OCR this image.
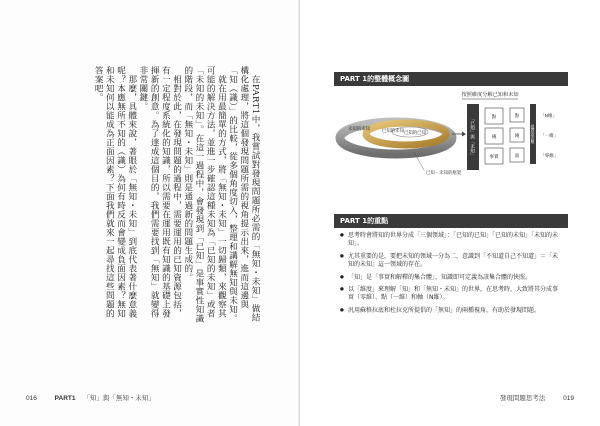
在PART1中，我嘗試對發現問題所必需的「無知・未知」做結構化處理，將這個發現問題所需的視角提示出來，進而這邊與「知（識）」的比較，從多個角度切入，整理和講解無知與未知。

就在用最簡單的方式，將「無知・未知」一切歸類，來觀察其可能的解決方法，並進一步確認這種未知為「已知的未知」或者「未知的未知」。在這一過程中，會發現到「已知」是事實性知識的階段，而「無知・未知」則是通過新的問題生成的。

相對於此，在發現問題的過程中，需要運用的已知資源包括，有一定程度系統化的知識，所以需要在運用既有知識的基礎上發揮新的創意。為了達成這個目的，我們需要找到「無知」就變得非常關鍵。

那麼，具體來說，著眼於「無知・未知」到底代表著什麼意義呢？本應無所不知的（識）為何有時反而會變成負面因素？無知和未知何以能成為正面因素？下面我們就來一起尋找這些問題的答案吧。

016	PART1 「知」與「無知・未知」
PART 1的整體概念圖
按照維度分解已知和未知
未知的未知	已知的未知 已知的已知
已知・未知的框架
「已知」與「未知」	點
綫
事實
點
綫
面
提問的次數
「N維」
「一維」
「零維」
PART 1的重點
● 思考時會將知的世界分成「三個領域」：「已知的已知」「已知的未知」「未知的未知」。
● 尤其重要的是，要把未知的領域一分為二，意識到「不知道自己不知道」＝「未知的未知」這一領域的存在。
● 「知」是「事實和解釋的集合體」，知識即可定義為該集合體的快照。
● 以「維度」來理解「知」和「無知・未知」的世界，在思考時，大致將其分成事實（零維）、點（一維）和軸（N維）。
● 汎用蘇格拉底和杜拉克所提倡的「無知」的兩種視角，有助於發現問題。
發現問題思考法	019
